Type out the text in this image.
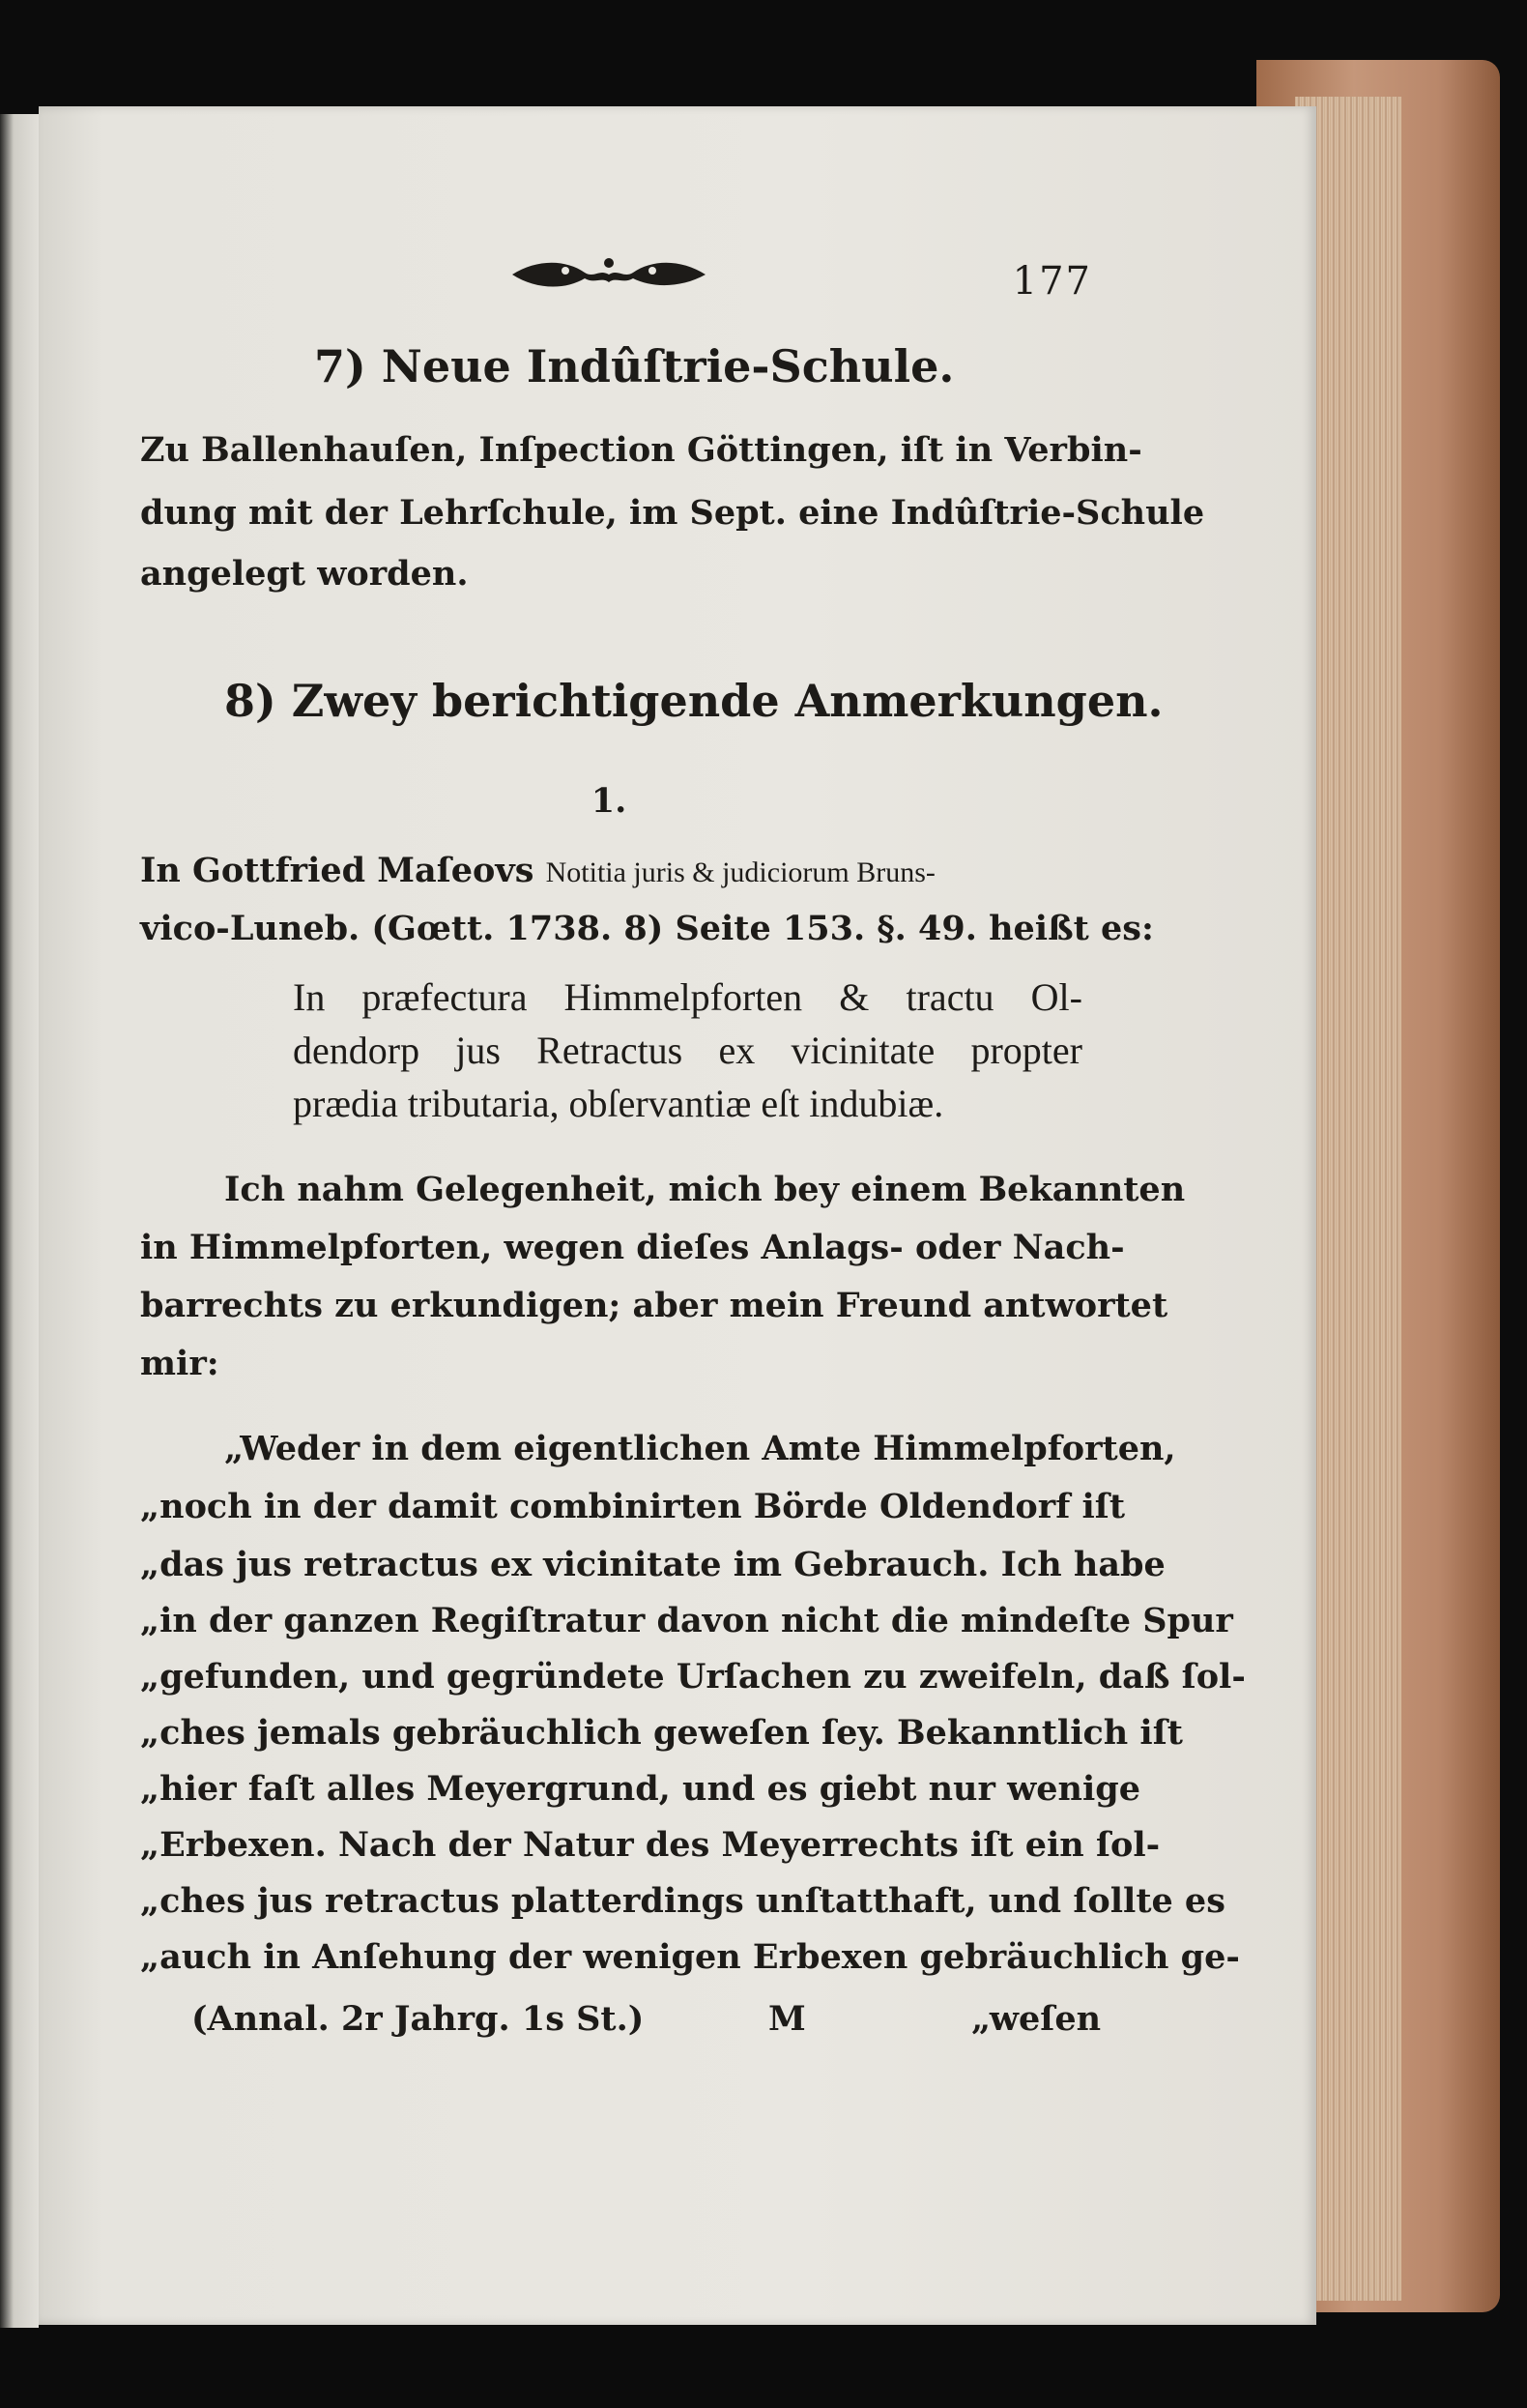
177
7) Neue Indûſtrie-Schule.
Zu Ballenhauſen, Inſpection Göttingen, iſt in Verbin-
dung mit der Lehrſchule, im Sept. eine Indûſtrie-Schule
angelegt worden.
8) Zwey berichtigende Anmerkungen.
1.
In Gottfried Maſeovs Notitia juris & judiciorum Bruns-
vico-Luneb. (Gœtt. 1738. 8) Seite 153. §. 49. heißt es:
In præfectura Himmelpforten & tractu Ol-
dendorp jus Retractus ex vicinitate propter
prædia tributaria, obſervantiæ eſt indubiæ.
Ich nahm Gelegenheit, mich bey einem Bekannten
in Himmelpforten, wegen dieſes Anlags- oder Nach-
barrechts zu erkundigen; aber mein Freund antwortet
mir:
„Weder in dem eigentlichen Amte Himmelpforten,
„noch in der damit combinirten Börde Oldendorf iſt
„das jus retractus ex vicinitate im Gebrauch. Ich habe
„in der ganzen Regiſtratur davon nicht die mindeſte Spur
„gefunden, und gegründete Urſachen zu zweifeln, daß ſol-
„ches jemals gebräuchlich geweſen ſey. Bekanntlich iſt
„hier faſt alles Meyergrund, und es giebt nur wenige
„Erbexen. Nach der Natur des Meyerrechts iſt ein ſol-
„ches jus retractus platterdings unſtatthaft, und ſollte es
„auch in Anſehung der wenigen Erbexen gebräuchlich ge-
(Annal. 2r Jahrg. 1s St.)	M	„weſen
